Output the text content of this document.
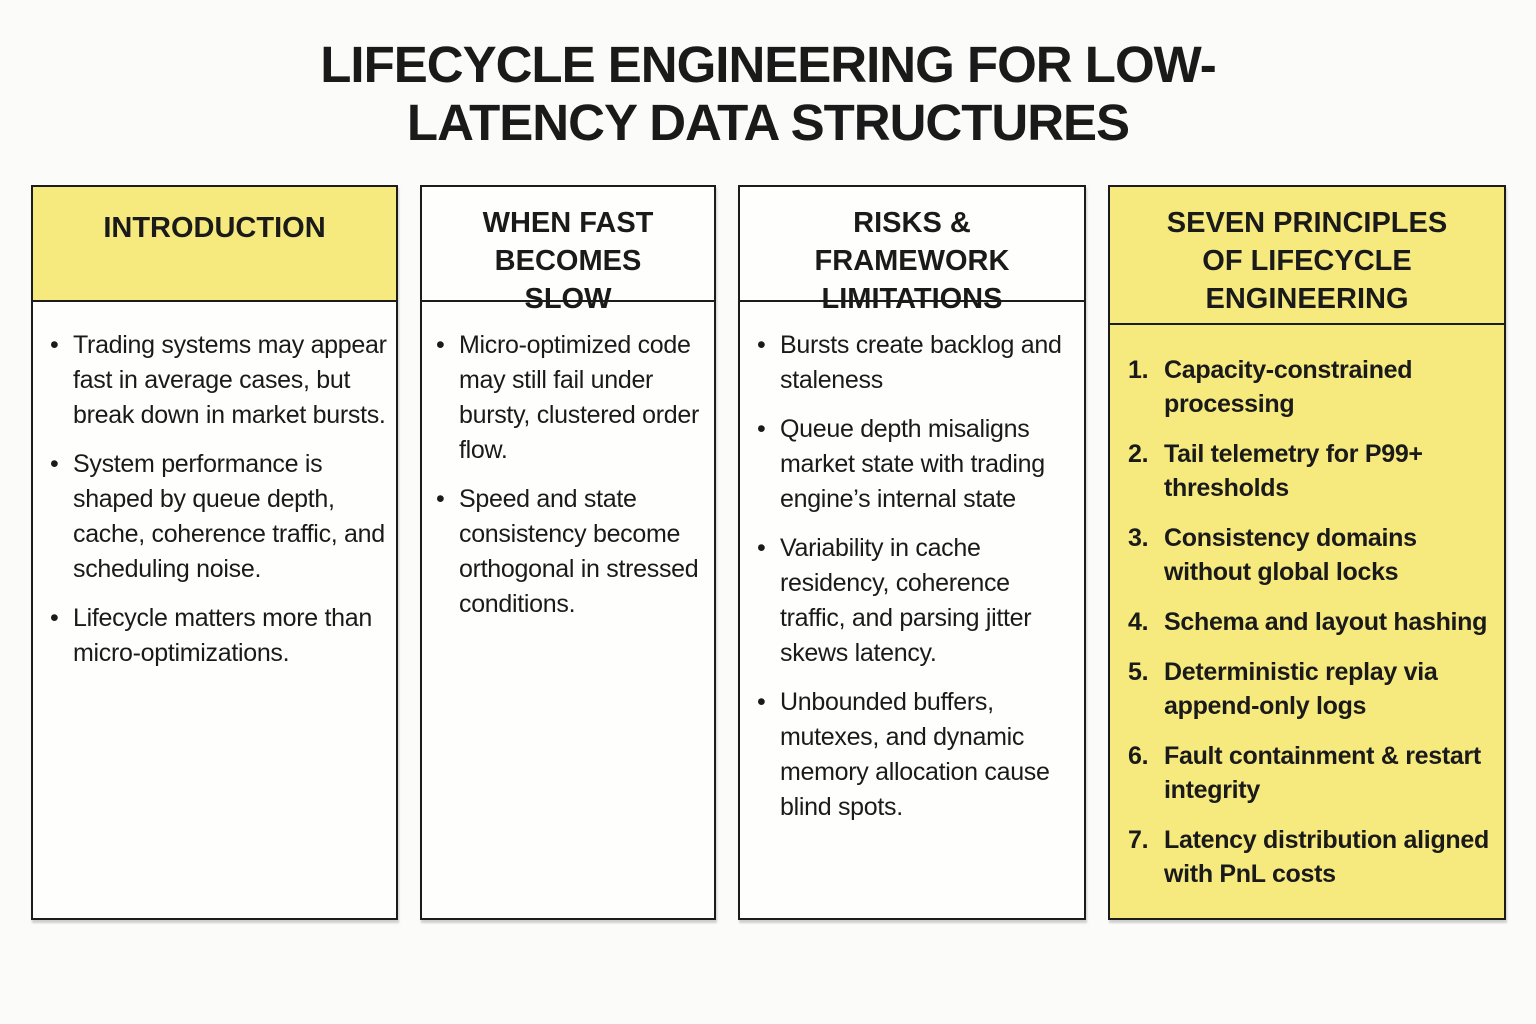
LIFECYCLE ENGINEERING FOR LOW-
LATENCY DATA STRUCTURES
INTRODUCTION
• Trading systems may appear fast in average cases, but break down in market bursts.
• System performance is shaped by queue depth, cache, coherence traffic, and scheduling noise.
• Lifecycle matters more than micro-optimizations.
WHEN FAST BECOMES SLOW
• Micro-optimized code may still fail under bursty, clustered order flow.
• Speed and state consistency become orthogonal in stressed conditions.
RISKS & FRAMEWORK LIMITATIONS
• Bursts create backlog and staleness
• Queue depth misaligns market state with trading engine’s internal state
• Variability in cache residency, coherence traffic, and parsing jitter skews latency.
• Unbounded buffers, mutexes, and dynamic memory allocation cause blind spots.
SEVEN PRINCIPLES OF LIFECYCLE ENGINEERING
Capacity-constrained processing
Tail telemetry for P99+ thresholds
Consistency domains without global locks
Schema and layout hashing
Deterministic replay via append-only logs
Fault containment & restart integrity
Latency distribution aligned with PnL costs
